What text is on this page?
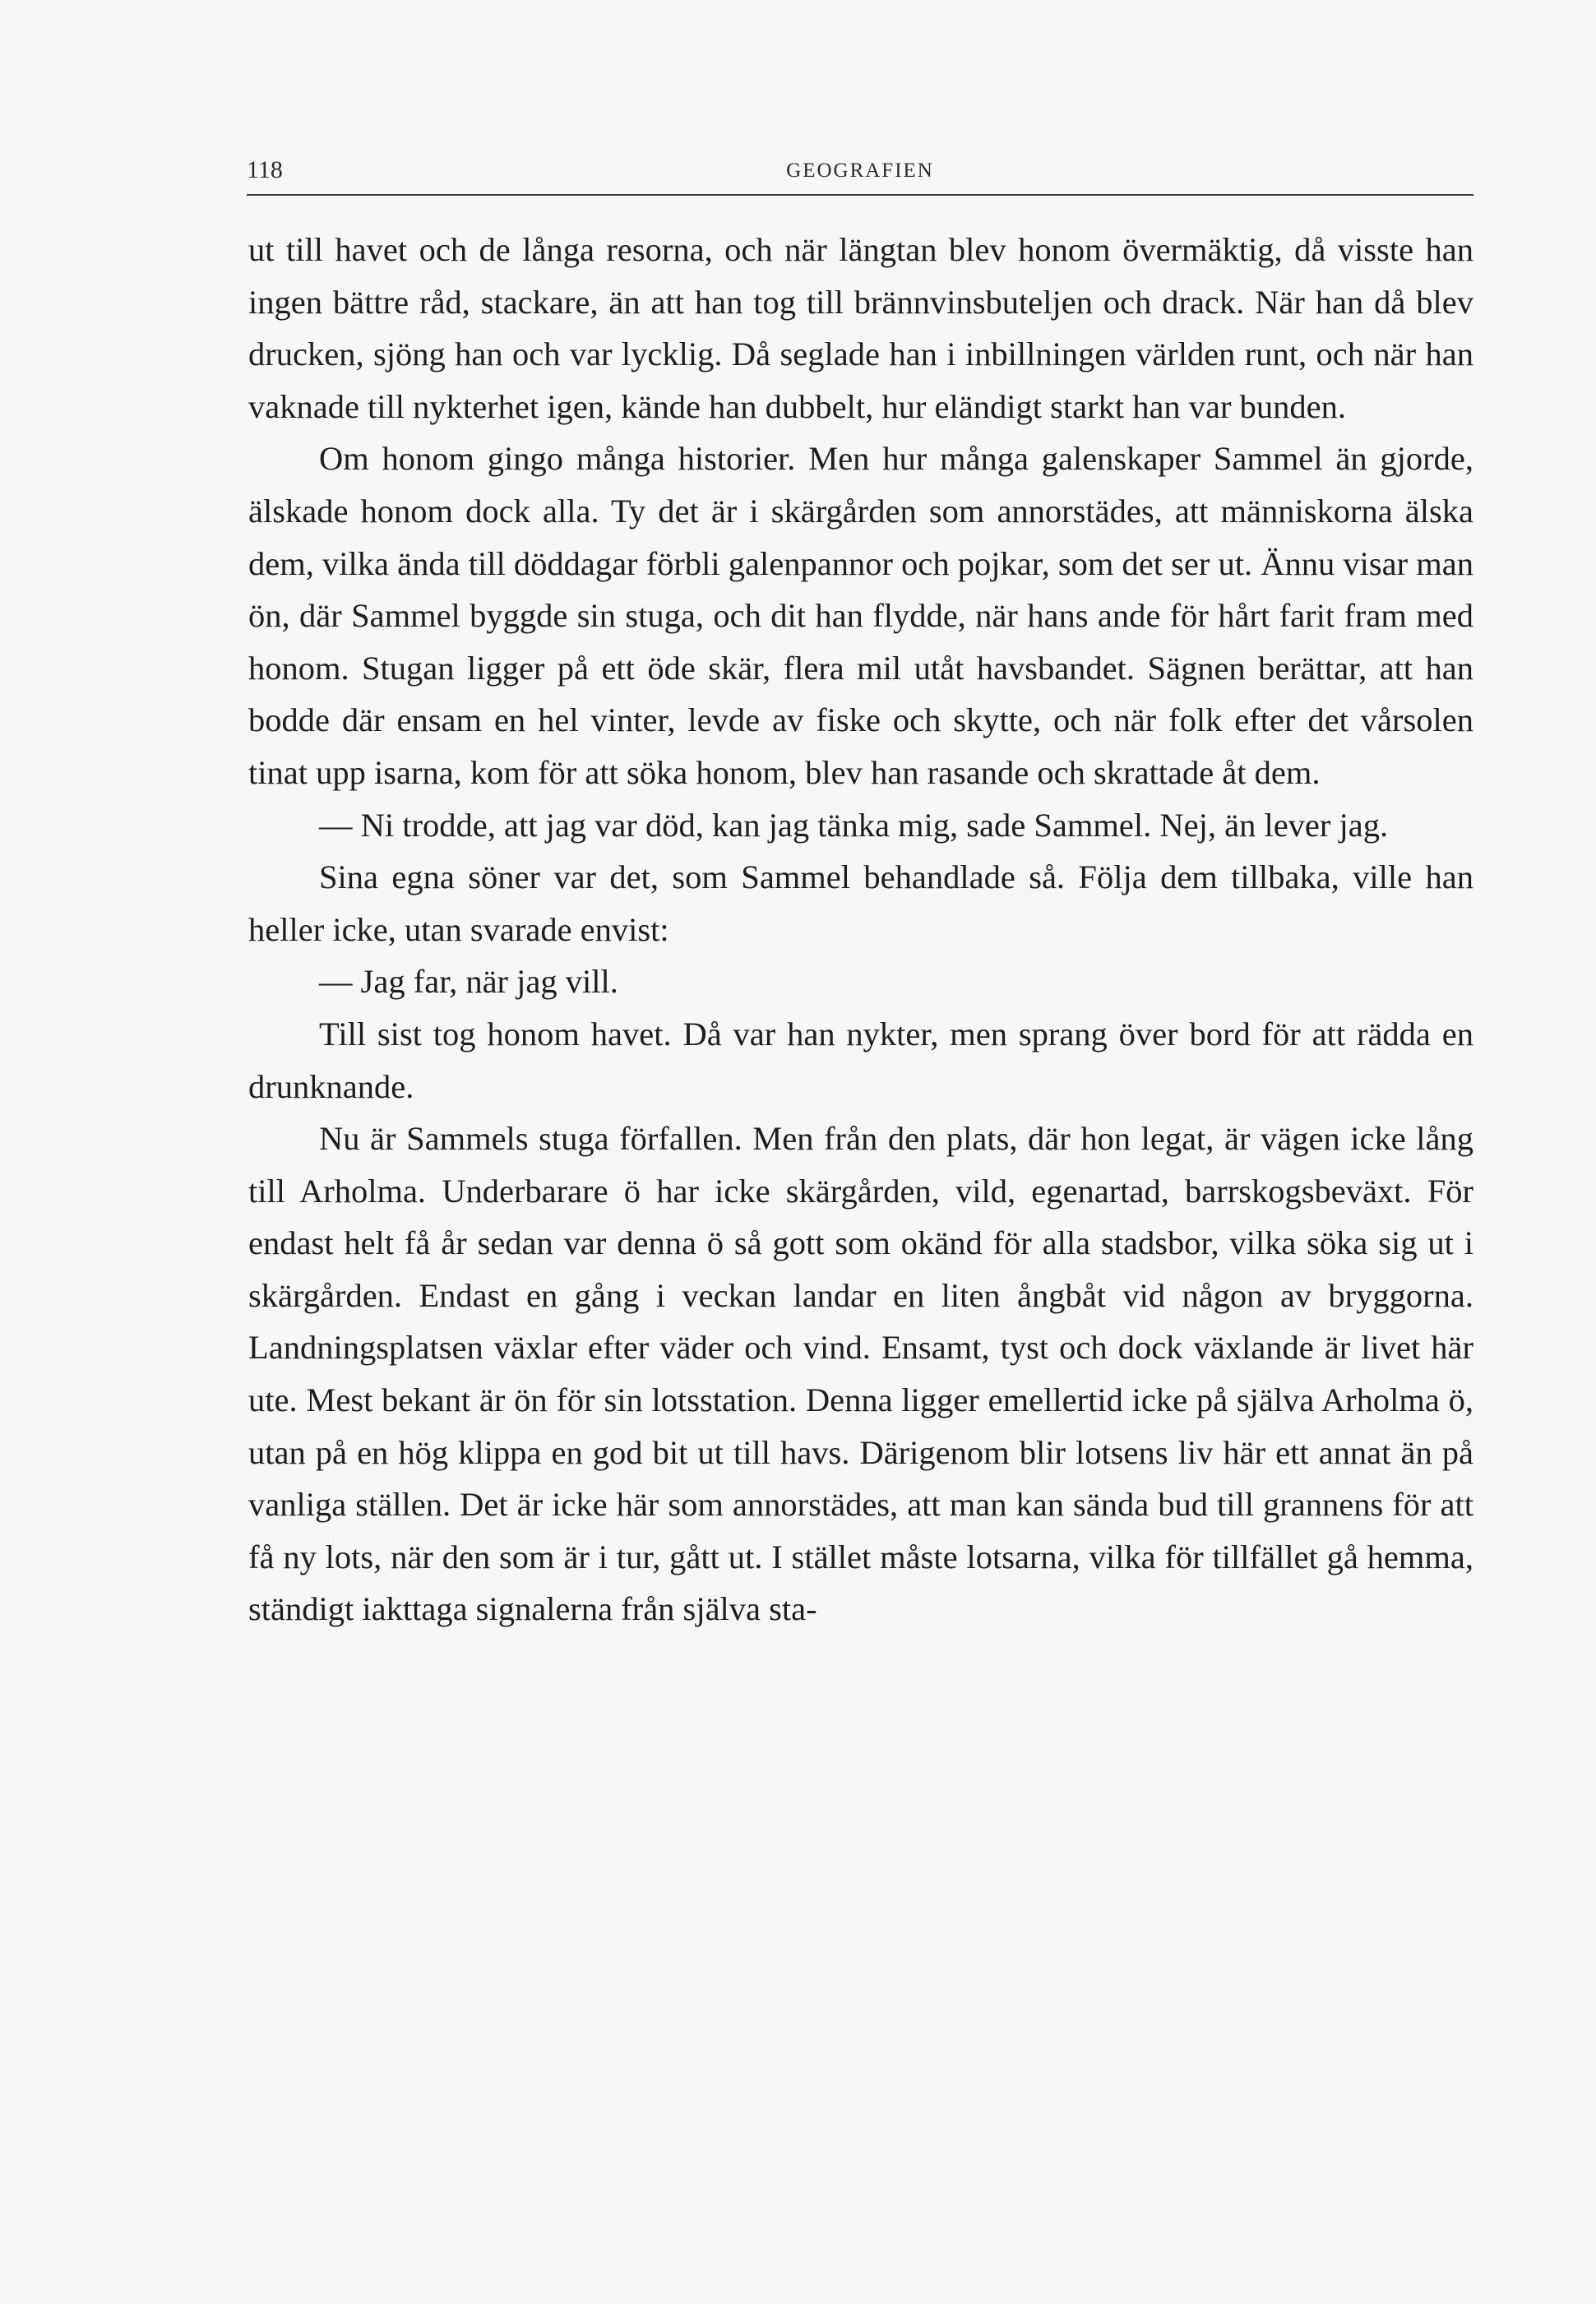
118	GEOGRAFIEN

ut till havet och de långa resorna, och när längtan blev honom övermäktig, då visste han ingen bättre råd, stackare, än att han tog till brännvinsbuteljen och drack. När han då blev drucken, sjöng han och var lycklig. Då seglade han i inbillningen världen runt, och när han vaknade till nykterhet igen, kände han dubbelt, hur eländigt starkt han var bunden.

Om honom gingo många historier. Men hur många galenskaper Sammel än gjorde, älskade honom dock alla. Ty det är i skärgården som annorstädes, att människorna älska dem, vilka ända till döddagar förbli galenpannor och pojkar, som det ser ut. Ännu visar man ön, där Sammel byggde sin stuga, och dit han flydde, när hans ande för hårt farit fram med honom. Stugan ligger på ett öde skär, flera mil utåt havsbandet. Sägnen berättar, att han bodde där ensam en hel vinter, levde av fiske och skytte, och när folk efter det vårsolen tinat upp isarna, kom för att söka honom, blev han rasande och skrattade åt dem.

— Ni trodde, att jag var död, kan jag tänka mig, sade Sammel. Nej, än lever jag.

Sina egna söner var det, som Sammel behandlade så. Följa dem tillbaka, ville han heller icke, utan svarade envist:

— Jag far, när jag vill.

Till sist tog honom havet. Då var han nykter, men sprang över bord för att rädda en drunknande.

Nu är Sammels stuga förfallen. Men från den plats, där hon legat, är vägen icke lång till Arholma. Underbarare ö har icke skärgården, vild, egenartad, barrskogsbeväxt. För endast helt få år sedan var denna ö så gott som okänd för alla stadsbor, vilka söka sig ut i skärgården. Endast en gång i veckan landar en liten ångbåt vid någon av bryggorna. Landningsplatsen växlar efter väder och vind. Ensamt, tyst och dock växlande är livet här ute. Mest bekant är ön för sin lotsstation. Denna ligger emellertid icke på själva Arholma ö, utan på en hög klippa en god bit ut till havs. Därigenom blir lotsens liv här ett annat än på vanliga ställen. Det är icke här som annorstädes, att man kan sända bud till grannens för att få ny lots, när den som är i tur, gått ut. I stället måste lotsarna, vilka för tillfället gå hemma, ständigt iakttaga signalerna från själva sta-
